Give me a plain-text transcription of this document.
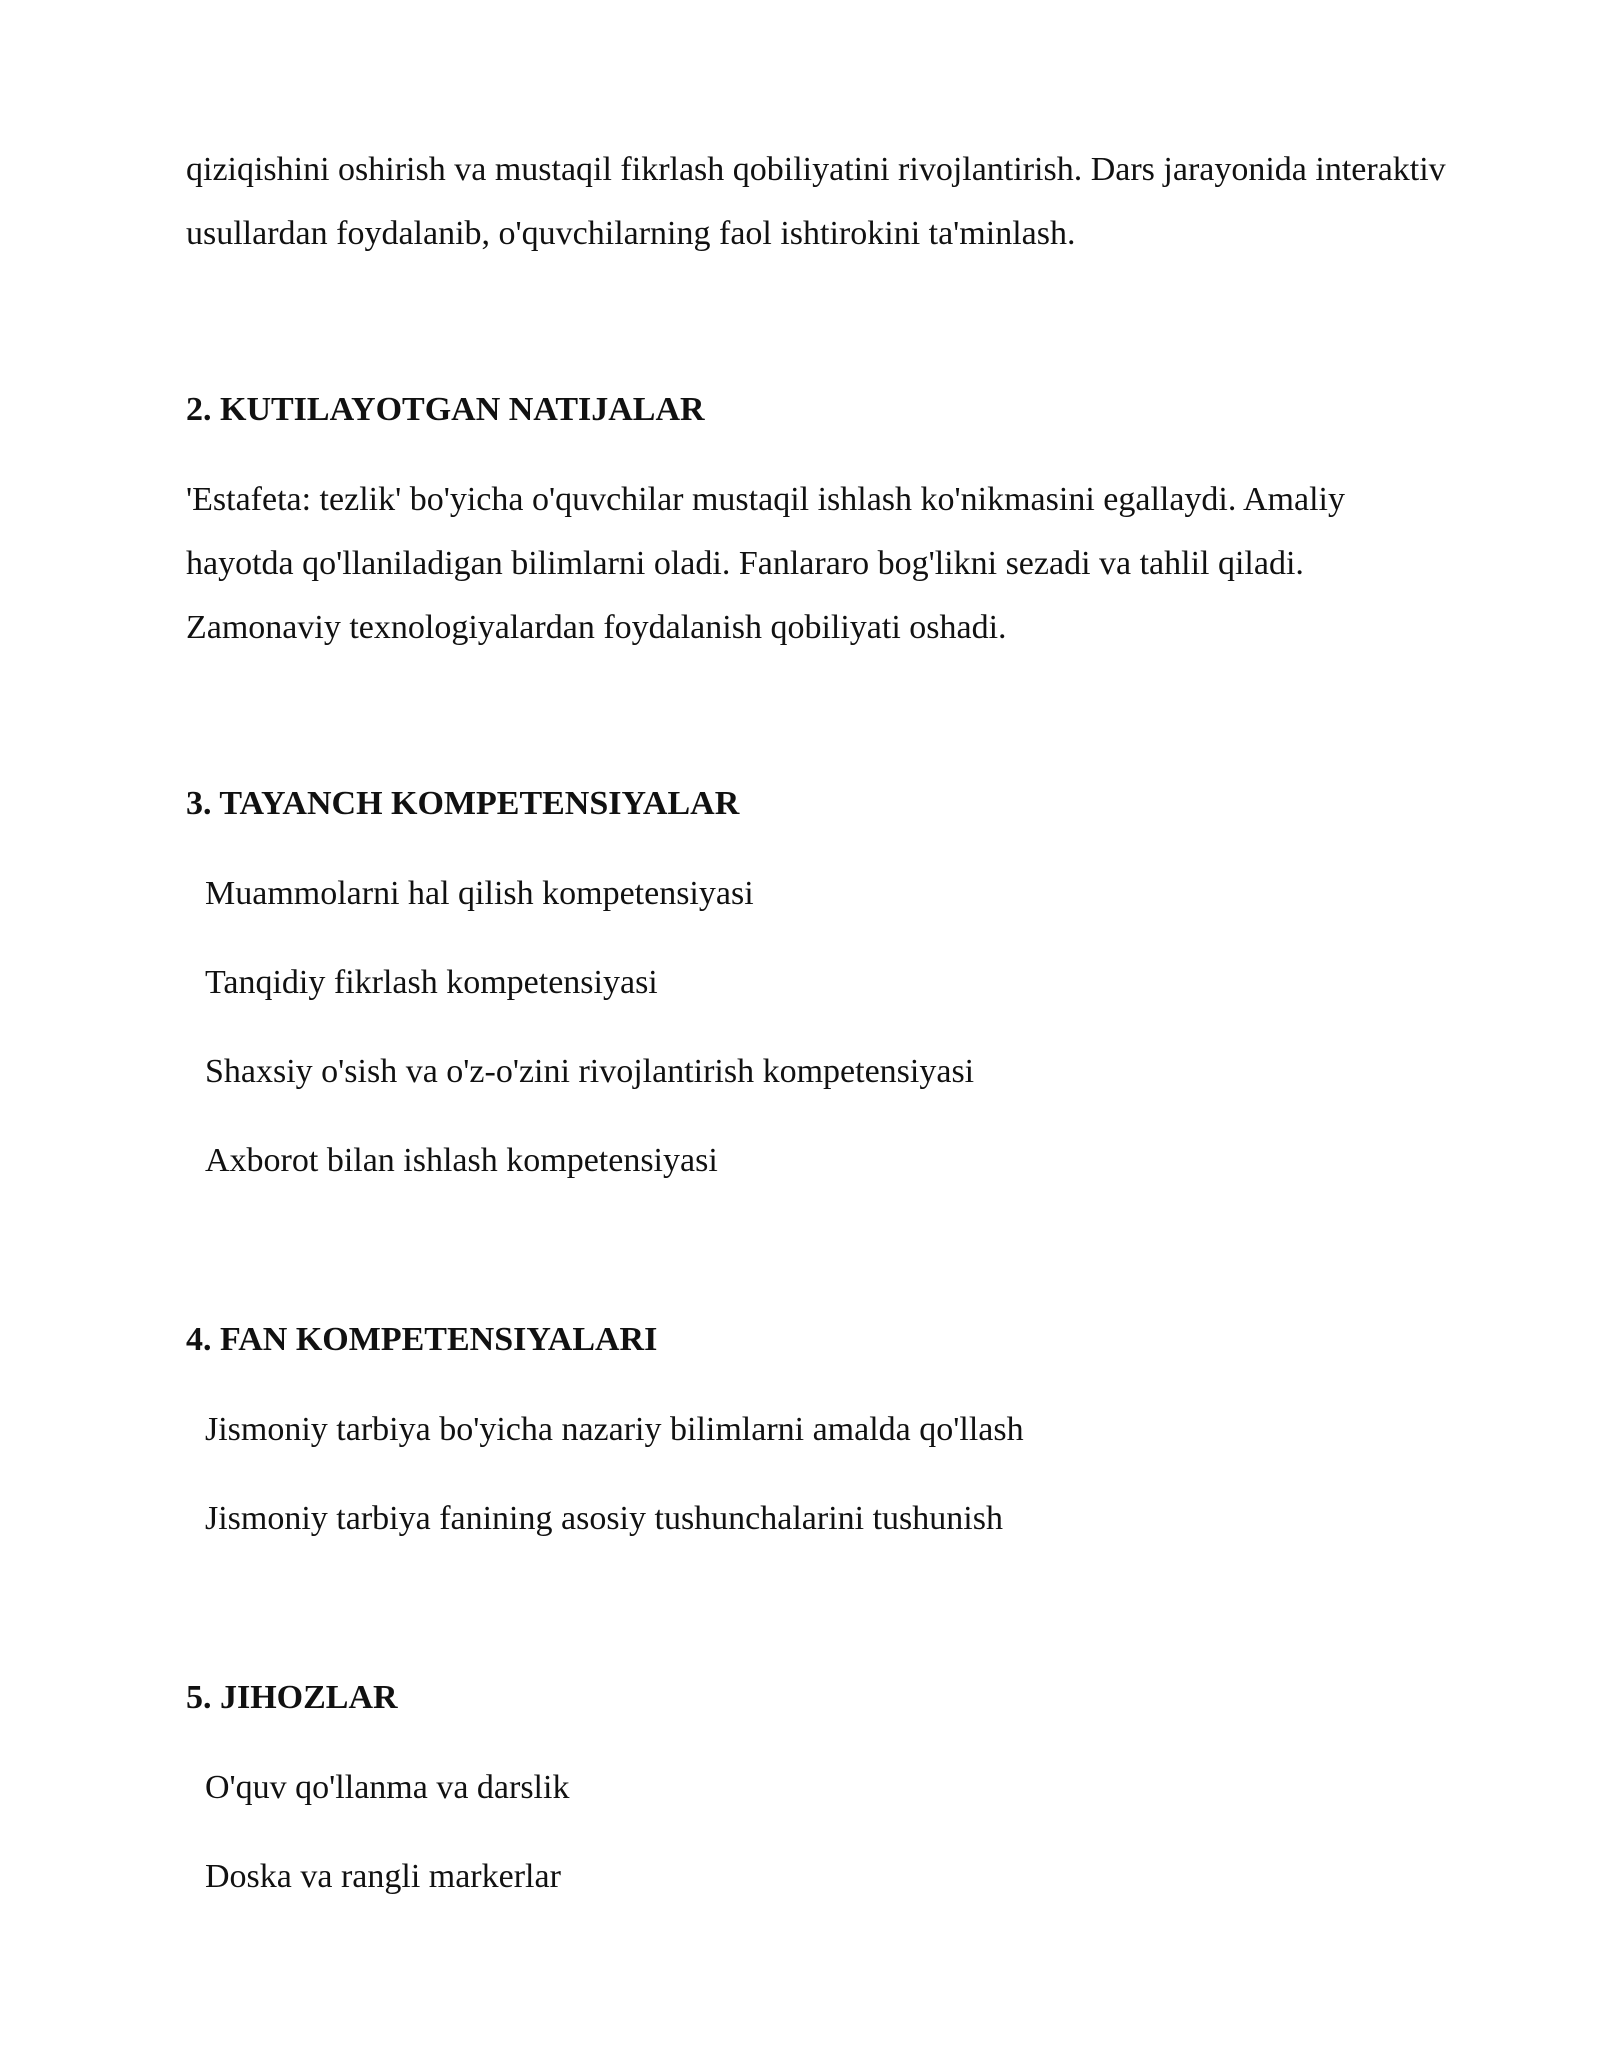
qiziqishini oshirish va mustaqil fikrlash qobiliyatini rivojlantirish. Dars jarayonida interaktiv usullardan foydalanib, o'quvchilarning faol ishtirokini ta'minlash.

2. KUTILAYOTGAN NATIJALAR

'Estafeta: tezlik' bo'yicha o'quvchilar mustaqil ishlash ko'nikmasini egallaydi. Amaliy hayotda qo'llaniladigan bilimlarni oladi. Fanlararo bog'likni sezadi va tahlil qiladi. Zamonaviy texnologiyalardan foydalanish qobiliyati oshadi.

3. TAYANCH KOMPETENSIYALAR

Muammolarni hal qilish kompetensiyasi

Tanqidiy fikrlash kompetensiyasi

Shaxsiy o'sish va o'z-o'zini rivojlantirish kompetensiyasi

Axborot bilan ishlash kompetensiyasi

4. FAN KOMPETENSIYALARI

Jismoniy tarbiya bo'yicha nazariy bilimlarni amalda qo'llash

Jismoniy tarbiya fanining asosiy tushunchalarini tushunish

5. JIHOZLAR

O'quv qo'llanma va darslik

Doska va rangli markerlar
